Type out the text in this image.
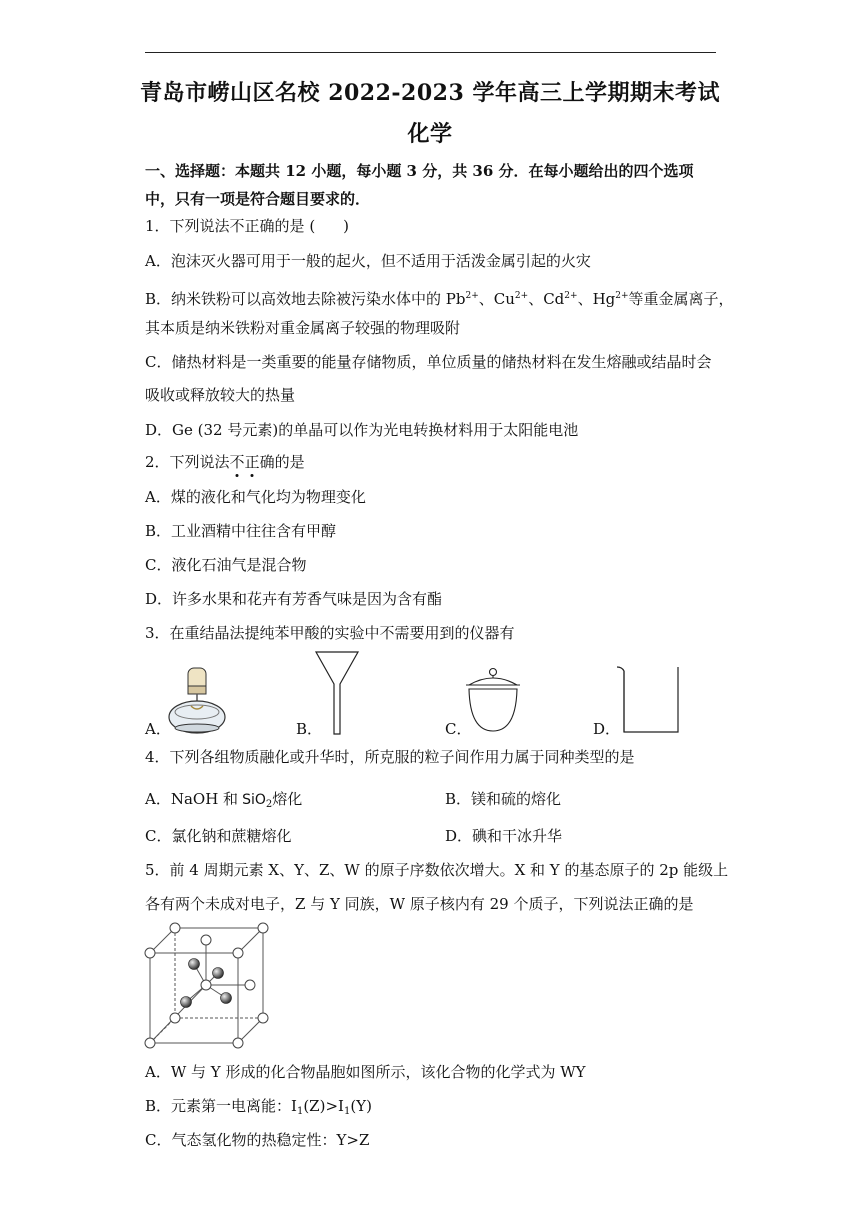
青岛市崂山区名校 2022-2023 学年高三上学期期末考试
化学
一、选择题：本题共 12 小题，每小题 3 分，共 36 分．在每小题给出的四个选项中，只有一项是符合题目要求的．
1．下列说法不正确的是 ( )
A．泡沫灭火器可用于一般的起火，但不适用于活泼金属引起的火灾
B．纳米铁粉可以高效地去除被污染水体中的 $Pb^{2+}$、$Cu^{2+}$、$Cd^{2+}$、$Hg^{2+}$等重金属离子，
其本质是纳米铁粉对重金属离子较强的物理吸附
C．储热材料是一类重要的能量存储物质，单位质量的储热材料在发生熔融或结晶时会
吸收或释放较大的热量
D．Ge (32 号元素)的单晶可以作为光电转换材料用于太阳能电池
2．下列说法不正确的是
A．煤的液化和气化均为物理变化
B．工业酒精中往往含有甲醇
C．液化石油气是混合物
D．许多水果和花卉有芳香气味是因为含有酯
3．在重结晶法提纯苯甲酸的实验中不需要用到的仪器有
A．	B．	C．	D．
4．下列各组物质融化或升华时，所克服的粒子间作用力属于同种类型的是
A．NaOH 和 SiO$_2$熔化	B．镁和硫的熔化
C．氯化钠和蔗糖熔化	D．碘和干冰升华
5．前 4 周期元素 X、Y、Z、W 的原子序数依次增大。X 和 Y 的基态原子的 2p 能级上
各有两个未成对电子，Z 与 Y 同族，W 原子核内有 29 个质子，下列说法正确的是
A．W 与 Y 形成的化合物晶胞如图所示，该化合物的化学式为 WY
B．元素第一电离能：$I_1(Z)>I_1(Y)$
C．气态氢化物的热稳定性：Y>Z
